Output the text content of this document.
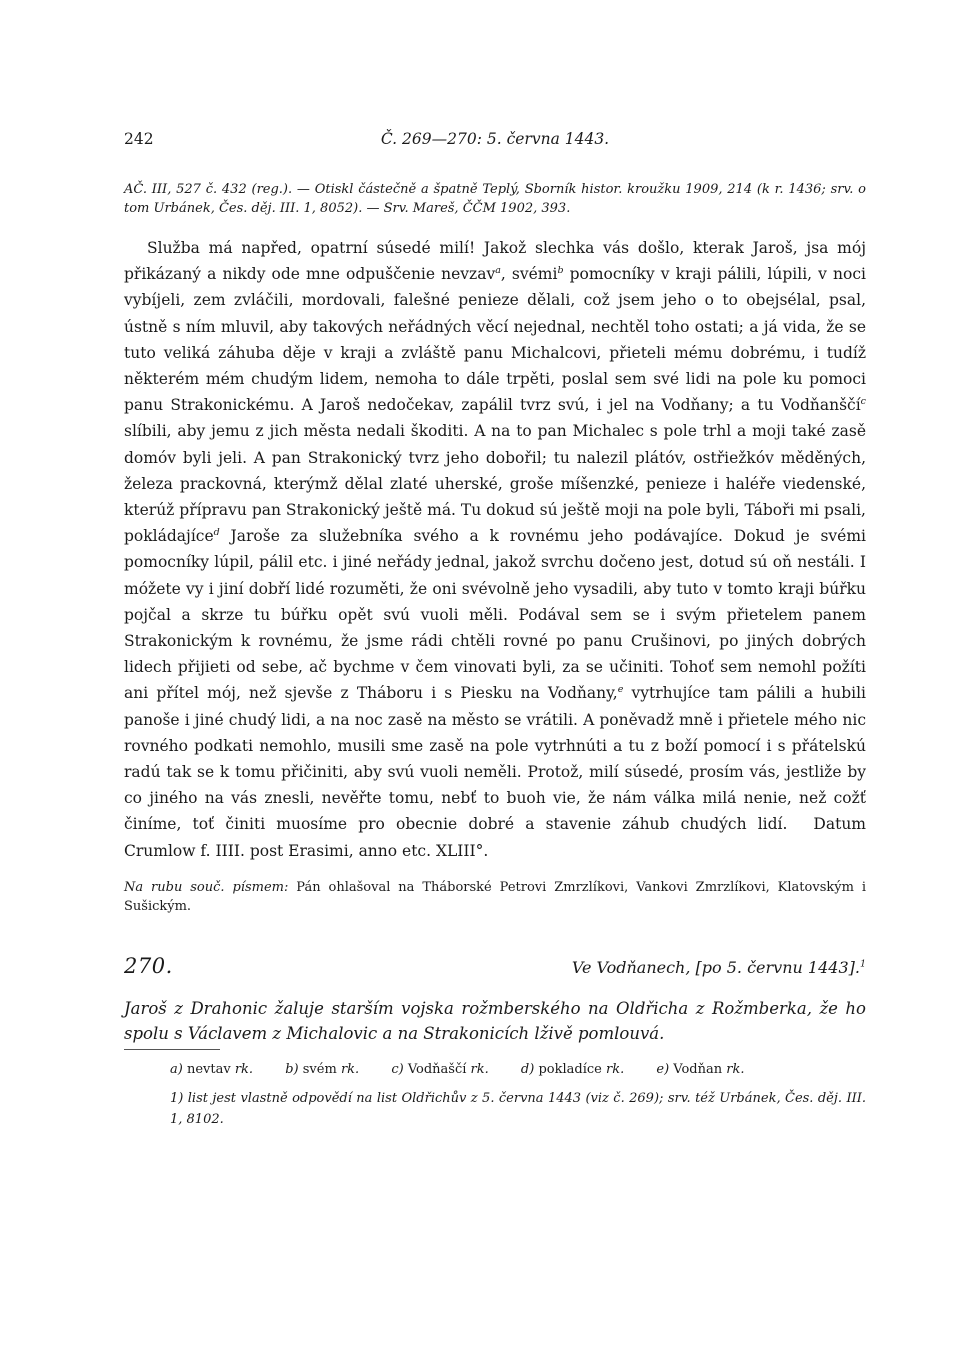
242	Č. 269—270: 5. června 1443.
AČ. III, 527 č. 432 (reg.). — Otiskl částečně a špatně Teplý, Sborník histor. kroužku 1909, 214 (k r. 1436; srv. o tom Urbánek, Čes. děj. III. 1, 8052). — Srv. Mareš, ČČM 1902, 393.

Služba má napřed, opatrní súsedé milí! Jakož slechka vás došlo, kterak Jaroš, jsa mój přikázaný a nikdy ode mne odpuščenie nevzav$^a$, svémi$^b$ pomocníky v kraji pálili, lúpili, v noci vybíjeli, zem zvláčili, mordovali, falešné penieze dělali, což jsem jeho o to obejsélal, psal, ústně s ním mluvil, aby takových neřádných věcí nejednal, nechtěl toho ostati; a já vida, že se tuto veliká záhuba děje v kraji a zvláště panu Michalcovi, přieteli mému dobrému, i tudíž některém mém chudým lidem, nemoha to dále trpěti, poslal sem své lidi na pole ku pomoci panu Strakonickému. A Jaroš nedočekav, zapálil tvrz svú, i jel na Vodňany; a tu Vodňanščí$^c$ slíbili, aby jemu z jich města nedali škoditi. A na to pan Michalec s pole trhl a moji také zasě domóv byli jeli. A pan Strakonický tvrz jeho dobořil; tu nalezil plátóv, ostřiežkóv měděných, železa prackovná, kterýmž dělal zlaté uherské, groše míšenzké, penieze i haléře viedenské, kterúž přípravu pan Strakonický ještě má. Tu dokud sú ještě moji na pole byli, Táboři mi psali, pokládajíce$^d$ Jaroše za služebníka svého a k rovnému jeho podávajíce. Dokud je svémi pomocníky lúpil, pálil etc. i jiné neřády jednal, jakož svrchu dočeno jest, dotud sú oň nestáli. I móžete vy i jiní dobří lidé rozuměti, že oni svévolně jeho vysadili, aby tuto v tomto kraji búřku pojčal a skrze tu búřku opět svú vuoli měli. Podával sem se i svým přietelem panem Strakonickým k rovnému, že jsme rádi chtěli rovné po panu Crušinovi, po jiných dobrých lidech přijieti od sebe, ač bychme v čem vinovati byli, za se učiniti. Tohoť sem nemohl požíti ani přítel mój, než sjevše z Tháboru i s Piesku na Vodňany,$^e$ vytrhujíce tam pálili a hubili panoše i jiné chudý lidi, a na noc zasě na město se vrátili. A poněvadž mně i přietele mého nic rovného podkati nemohlo, musili sme zasě na pole vytrhnúti a tu z boží pomocí i s přátelskú radú tak se k tomu přičiniti, aby svú vuoli neměli. Protož, milí súsedé, prosím vás, jestliže by co jiného na vás znesli, nevěřte tomu, nebť to buoh vie, že nám válka milá nenie, než cožť činíme, toť činiti muosíme pro obecnie dobré a stavenie záhub chudých lidí. Datum Crumlow f. IIII. post Erasimi, anno etc. XLIII°.

Na rubu souč. písmem: Pán ohlašoval na Tháborské Petrovi Zmrzlíkovi, Vankovi Zmrzlíkovi, Klatovským i Sušickým.
270.	Ve Vodňanech, [po 5. červnu 1443].$^1$
Jaroš z Drahonic žaluje starším vojska rožmberského na Oldřicha z Rožmberka, že ho spolu s Václavem z Michalovic a na Strakonicích lživě pomlouvá.
a) nevtav rk. b) svém rk. c) Vodňaščí rk. d) pokladíce rk. e) Vodňan rk.
1) list jest vlastně odpovědí na list Oldřichův z 5. června 1443 (viz č. 269); srv. též Urbánek, Čes. děj. III. 1, 8102.
